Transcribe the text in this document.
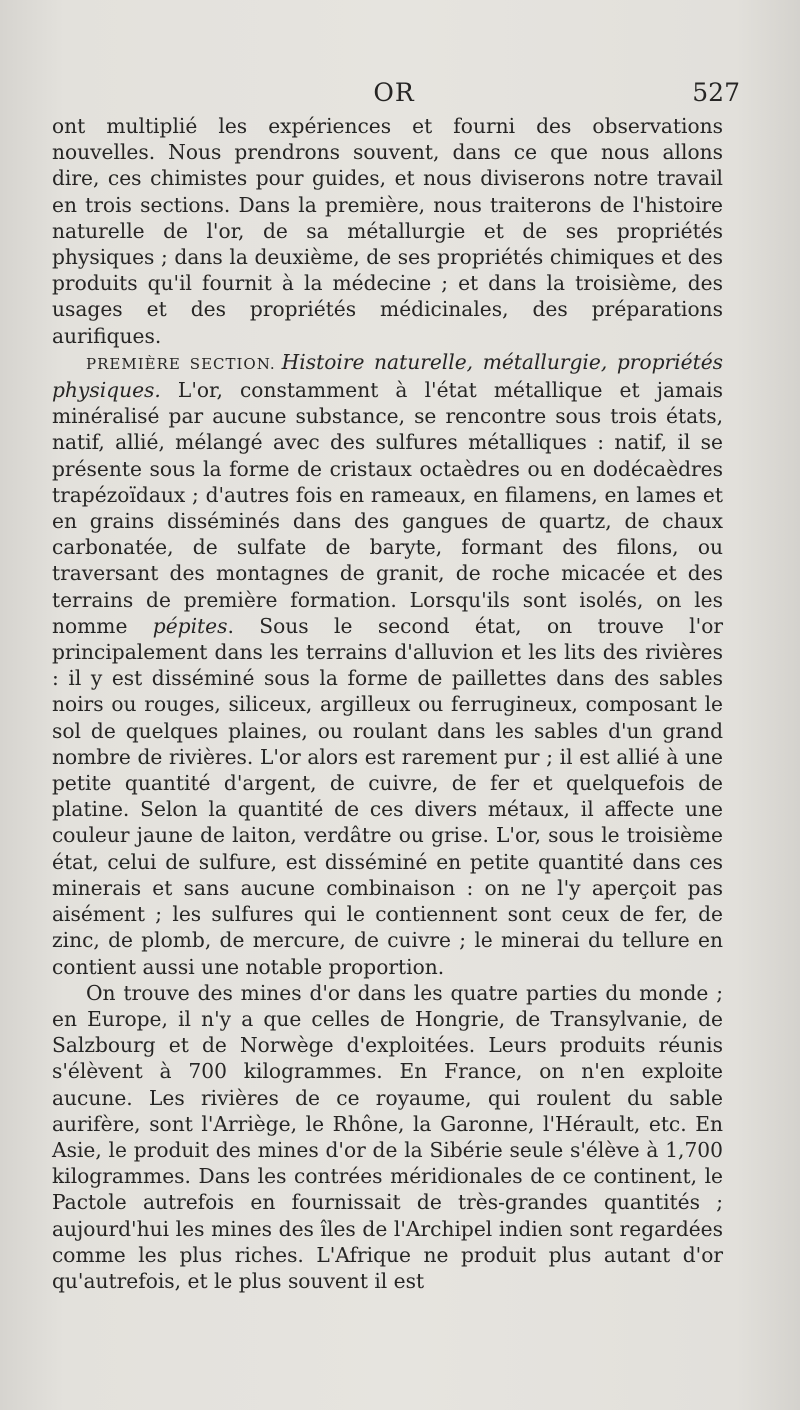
OR	527

ont multiplié les expériences et fourni des observations nouvelles. Nous prendrons souvent, dans ce que nous allons dire, ces chimistes pour guides, et nous diviserons notre travail en trois sections. Dans la première, nous traiterons de l'histoire naturelle de l'or, de sa métallurgie et de ses propriétés physiques ; dans la deuxième, de ses propriétés chimiques et des produits qu'il fournit à la médecine ; et dans la troisième, des usages et des propriétés médicinales, des préparations aurifiques.

PREMIÈRE SECTION. Histoire naturelle, métallurgie, propriétés physiques. L'or, constamment à l'état métallique et jamais minéralisé par aucune substance, se rencontre sous trois états, natif, allié, mélangé avec des sulfures métalliques : natif, il se présente sous la forme de cristaux octaèdres ou en dodécaèdres trapézoïdaux ; d'autres fois en rameaux, en filamens, en lames et en grains disséminés dans des gangues de quartz, de chaux carbonatée, de sulfate de baryte, formant des filons, ou traversant des montagnes de granit, de roche micacée et des terrains de première formation. Lorsqu'ils sont isolés, on les nomme pépites. Sous le second état, on trouve l'or principalement dans les terrains d'alluvion et les lits des rivières : il y est disséminé sous la forme de paillettes dans des sables noirs ou rouges, siliceux, argilleux ou ferrugineux, composant le sol de quelques plaines, ou roulant dans les sables d'un grand nombre de rivières. L'or alors est rarement pur ; il est allié à une petite quantité d'argent, de cuivre, de fer et quelquefois de platine. Selon la quantité de ces divers métaux, il affecte une couleur jaune de laiton, verdâtre ou grise. L'or, sous le troisième état, celui de sulfure, est disséminé en petite quantité dans ces minerais et sans aucune combinaison : on ne l'y aperçoit pas aisément ; les sulfures qui le contiennent sont ceux de fer, de zinc, de plomb, de mercure, de cuivre ; le minerai du tellure en contient aussi une notable proportion.

On trouve des mines d'or dans les quatre parties du monde ; en Europe, il n'y a que celles de Hongrie, de Transylvanie, de Salzbourg et de Norwège d'exploitées. Leurs produits réunis s'élèvent à 700 kilogrammes. En France, on n'en exploite aucune. Les rivières de ce royaume, qui roulent du sable aurifère, sont l'Arriège, le Rhône, la Garonne, l'Hérault, etc. En Asie, le produit des mines d'or de la Sibérie seule s'élève à 1,700 kilogrammes. Dans les contrées méridionales de ce continent, le Pactole autrefois en fournissait de très-grandes quantités ; aujourd'hui les mines des îles de l'Archipel indien sont regardées comme les plus riches. L'Afrique ne produit plus autant d'or qu'autrefois, et le plus souvent il est
